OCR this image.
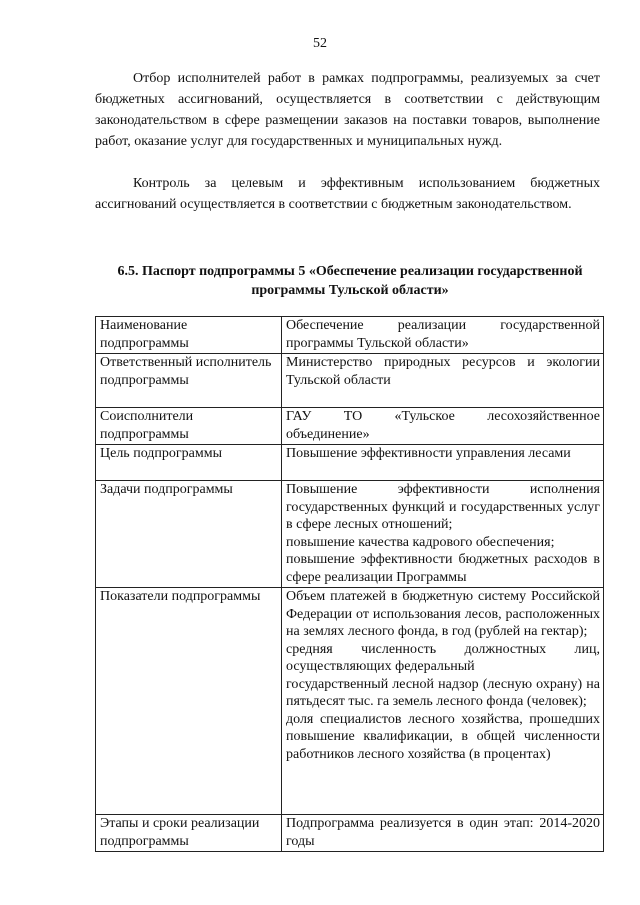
52

Отбор исполнителей работ в рамках подпрограммы, реализуемых за счет бюджетных ассигнований, осуществляется в соответствии с действующим законодательством в сфере размещении заказов на поставки товаров, выполнение работ, оказание услуг для государственных и муниципальных нужд.

Контроль за целевым и эффективным использованием бюджетных ассигнований осуществляется в соответствии с бюджетным законодательством.

6.5. Паспорт подпрограммы 5 «Обеспечение реализации государственной программы Тульской области»
Наименование подпрограммы	Обеспечение реализации государственной программы Тульской области»

Ответственный исполнитель подпрограммы	Министерство природных ресурсов и экологии Тульской области

Соисполнители подпрограммы	ГАУ ТО «Тульское лесохозяйственное объединение»

Цель подпрограммы	Повышение эффективности управления лесами

Задачи подпрограммы	Повышение эффективности исполнения государственных функций и государственных услуг в сфере лесных отношений;
повышение качества кадрового обеспечения;
повышение эффективности бюджетных расходов в сфере реализации Программы

Показатели подпрограммы	Объем платежей в бюджетную систему Российской Федерации от использования лесов, расположенных на землях лесного фонда, в год (рублей на гектар);
средняя численность должностных лиц, осуществляющих федеральный
государственный лесной надзор (лесную охрану) на пятьдесят тыс. га земель лесного фонда (человек);
доля специалистов лесного хозяйства, прошедших повышение квалификации, в общей численности работников лесного хозяйства (в процентах)

Этапы и сроки реализации подпрограммы	Подпрограмма реализуется в один этап: 2014-2020 годы
